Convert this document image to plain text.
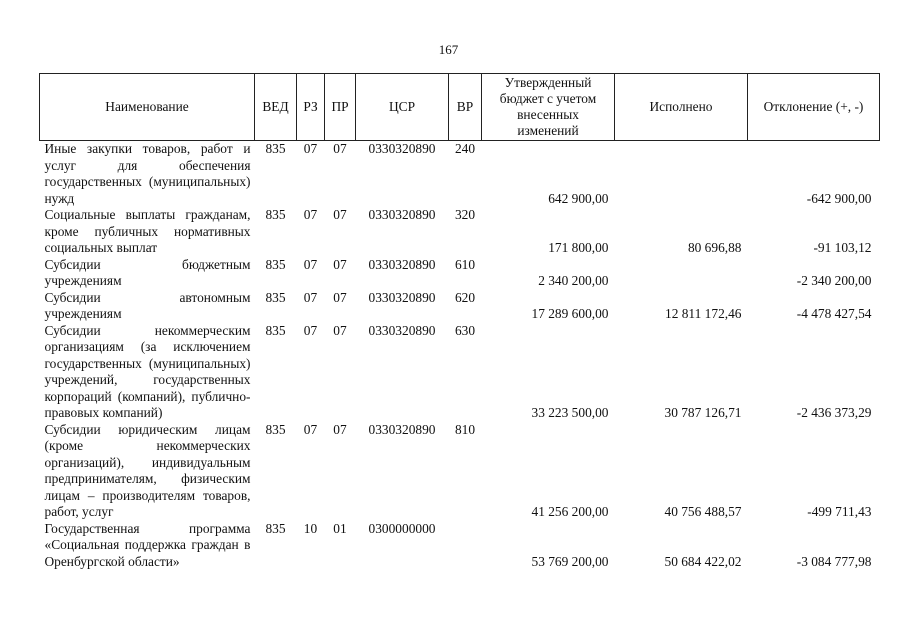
167
Наименование	ВЕД	РЗ	ПР	ЦСР	ВР	Утвержденный бюджет с учетом внесенных изменений	Исполнено	Отклонение (+, -)
Иные закупки товаров, работ и услуг для обеспечения государственных (муниципальных) нужд	835	07	07	0330320890	240	642 900,00		-642 900,00
Социальные выплаты гражданам, кроме публичных нормативных социальных выплат	835	07	07	0330320890	320	171 800,00	80 696,88	-91 103,12
Субсидии бюджетным учреждениям	835	07	07	0330320890	610	2 340 200,00		-2 340 200,00
Субсидии автономным учреждениям	835	07	07	0330320890	620	17 289 600,00	12 811 172,46	-4 478 427,54
Субсидии некоммерческим организациям (за исключением государственных (муниципальных) учреждений, государственных корпораций (компаний), публично-правовых компаний)	835	07	07	0330320890	630	33 223 500,00	30 787 126,71	-2 436 373,29
Субсидии юридическим лицам (кроме некоммерческих организаций), индивидуальным предпринимателям, физическим лицам – производителям товаров, работ, услуг	835	07	07	0330320890	810	41 256 200,00	40 756 488,57	-499 711,43
Государственная программа «Социальная поддержка граждан в Оренбургской области»	835	10	01	0300000000		53 769 200,00	50 684 422,02	-3 084 777,98
